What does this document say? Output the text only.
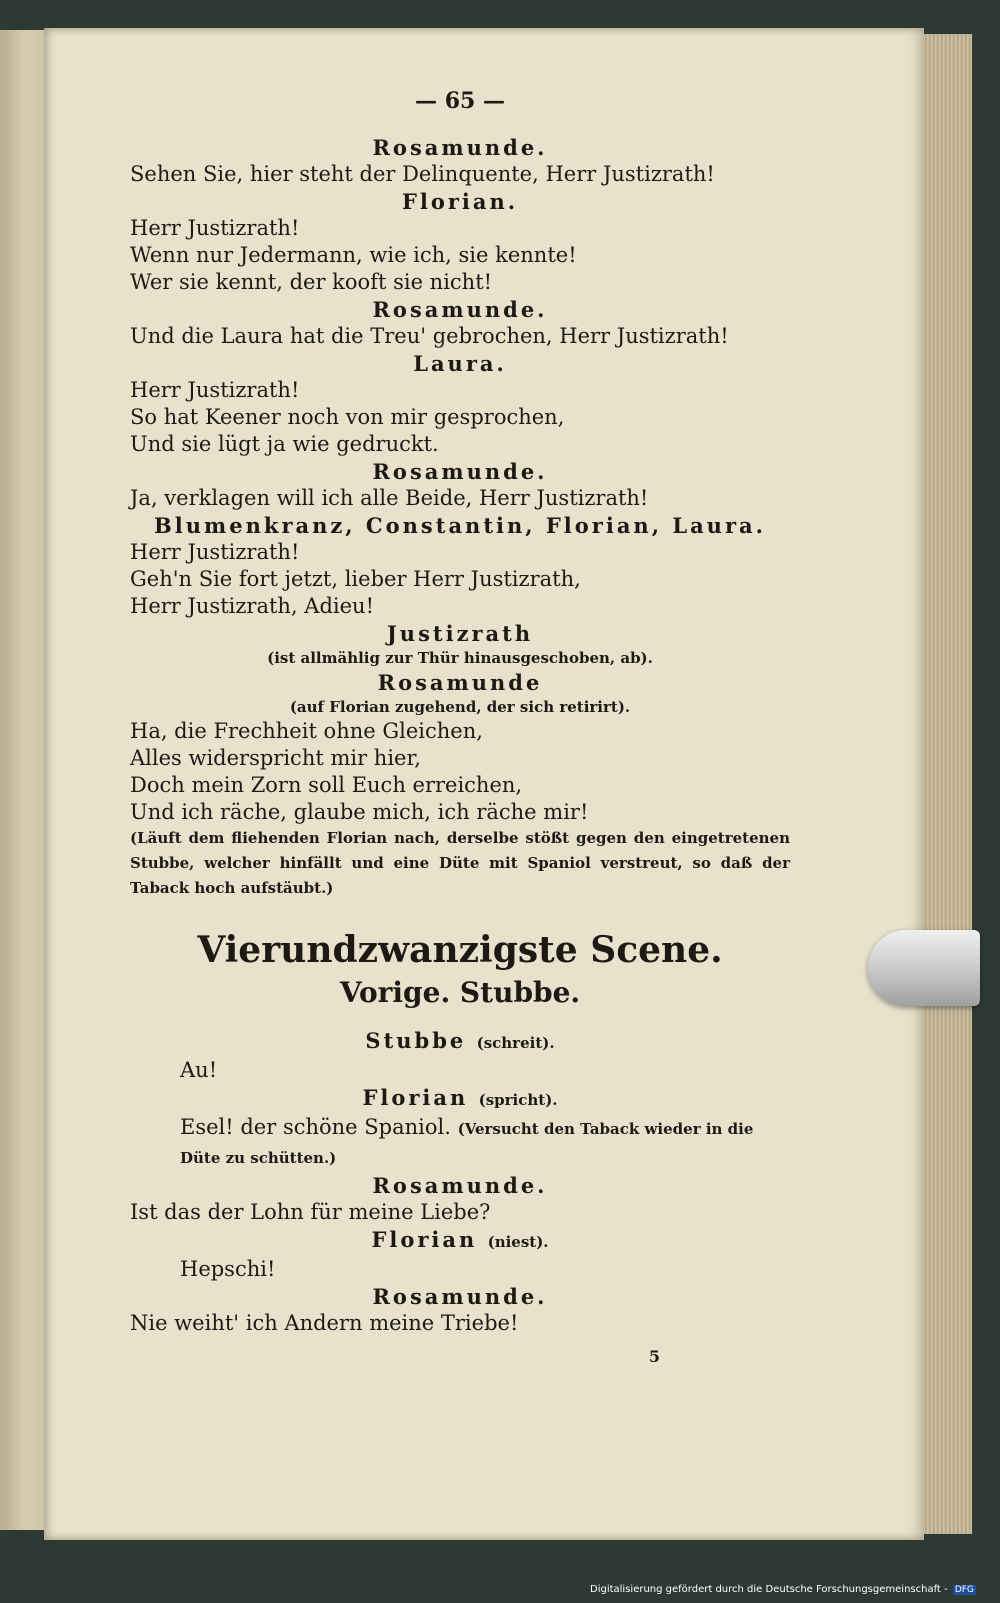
— 65 —
Rosamunde.
Sehen Sie, hier steht der Delinquente, Herr Justizrath!
Florian.
Herr Justizrath!
Wenn nur Jedermann, wie ich, sie kennte!
Wer sie kennt, der kooft sie nicht!
Rosamunde.
Und die Laura hat die Treu' gebrochen, Herr Justizrath!
Laura.
Herr Justizrath!
So hat Keener noch von mir gesprochen,
Und sie lügt ja wie gedruckt.
Rosamunde.
Ja, verklagen will ich alle Beide, Herr Justizrath!
Blumenkranz, Constantin, Florian, Laura.
Herr Justizrath!
Geh'n Sie fort jetzt, lieber Herr Justizrath,
Herr Justizrath, Adieu!
Justizrath
(ist allmählig zur Thür hinausgeschoben, ab).
Rosamunde
(auf Florian zugehend, der sich retirirt).
Ha, die Frechheit ohne Gleichen,
Alles widerspricht mir hier,
Doch mein Zorn soll Euch erreichen,
Und ich räche, glaube mich, ich räche mir!
(Läuft dem fliehenden Florian nach, derselbe stößt gegen den eingetretenen Stubbe, welcher hinfällt und eine Düte mit Spaniol verstreut, so daß der Taback hoch aufstäubt.)
Vierundzwanzigste Scene.
Vorige. Stubbe.
Stubbe (schreit).
Au!
Florian (spricht).
Esel! der schöne Spaniol. (Versucht den Taback wieder in die Düte zu schütten.)
Rosamunde.
Ist das der Lohn für meine Liebe?
Florian (niest).
Hepschi!
Rosamunde.
Nie weiht' ich Andern meine Triebe!
5
Digitalisierung gefördert durch die Deutsche Forschungsgemeinschaft - DFG
